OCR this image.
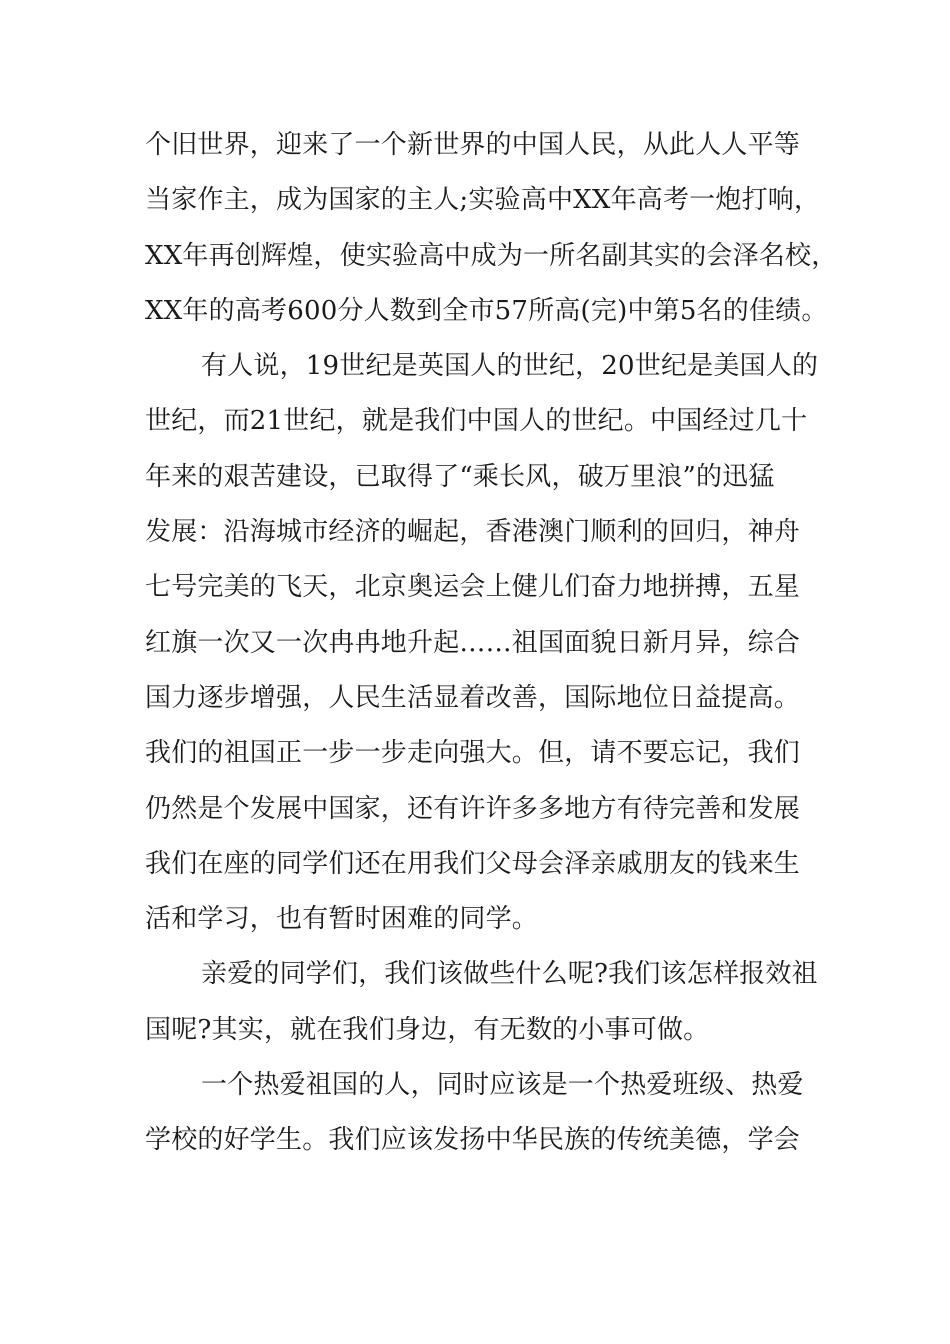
个旧世界，迎来了一个新世界的中国人民，从此人人平等
当家作主，成为国家的主人;实验高中XX年高考一炮打响，
XX年再创辉煌，使实验高中成为一所名副其实的会泽名校，
XX年的高考600分人数到全市57所高(完)中第5名的佳绩。
有人说，19世纪是英国人的世纪，20世纪是美国人的
世纪，而21世纪，就是我们中国人的世纪。中国经过几十
年来的艰苦建设，已取得了“乘长风，破万里浪”的迅猛
发展：沿海城市经济的崛起，香港澳门顺利的回归，神舟
七号完美的飞天，北京奥运会上健儿们奋力地拼搏，五星
红旗一次又一次冉冉地升起……祖国面貌日新月异，综合
国力逐步增强，人民生活显着改善，国际地位日益提高。
我们的祖国正一步一步走向强大。但，请不要忘记，我们
仍然是个发展中国家，还有许许多多地方有待完善和发展
我们在座的同学们还在用我们父母会泽亲戚朋友的钱来生
活和学习，也有暂时困难的同学。
亲爱的同学们，我们该做些什么呢?我们该怎样报效祖
国呢?其实，就在我们身边，有无数的小事可做。
一个热爱祖国的人，同时应该是一个热爱班级、热爱
学校的好学生。我们应该发扬中华民族的传统美德，学会
